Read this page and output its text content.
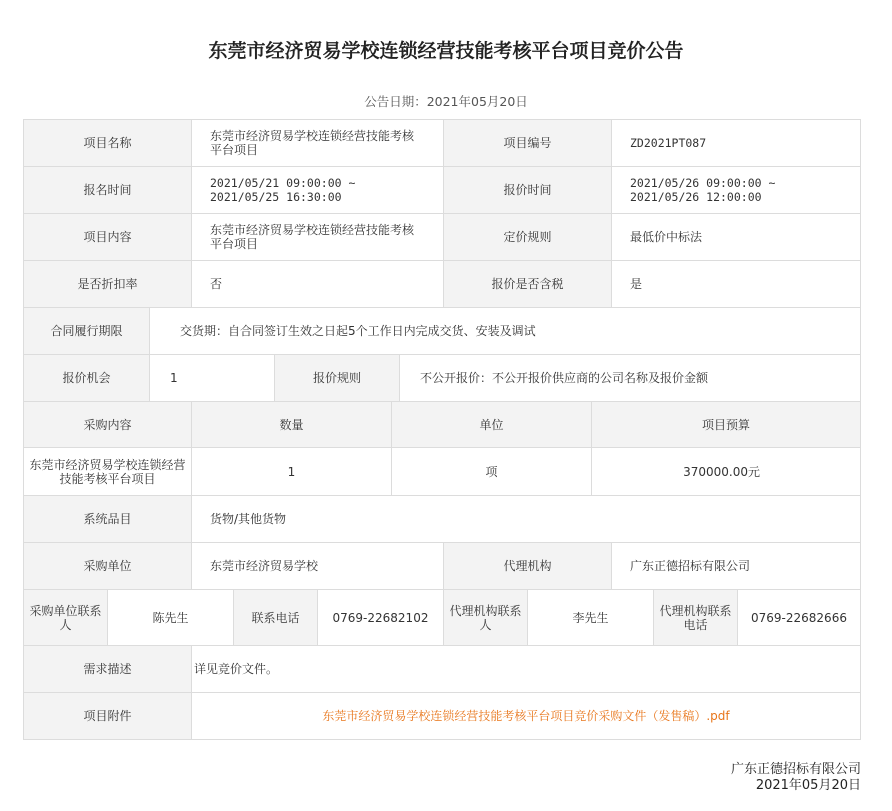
东莞市经济贸易学校连锁经营技能考核平台项目竞价公告
公告日期：2021年05月20日
项目名称	东莞市经济贸易学校连锁经营技能考核平台项目	项目编号	ZD2021PT087
报名时间	2021/05/21 09:00:00 ~ 2021/05/25 16:30:00	报价时间	2021/05/26 09:00:00 ~ 2021/05/26 12:00:00
项目内容	东莞市经济贸易学校连锁经营技能考核平台项目	定价规则	最低价中标法
是否折扣率	否	报价是否含税	是
合同履行期限	交货期：自合同签订生效之日起5个工作日内完成交货、安装及调试
报价机会	1	报价规则	不公开报价：不公开报价供应商的公司名称及报价金额
采购内容	数量	单位	项目预算
东莞市经济贸易学校连锁经营技能考核平台项目	1	项	370000.00元
系统品目	货物/其他货物
采购单位	东莞市经济贸易学校	代理机构	广东正德招标有限公司
采购单位联系人	陈先生	联系电话	0769-22682102	代理机构联系人	李先生	代理机构联系电话	0769-22682666
需求描述	详见竞价文件。
项目附件	东莞市经济贸易学校连锁经营技能考核平台项目竞价采购文件（发售稿）.pdf
广东正德招标有限公司
2021年05月20日
